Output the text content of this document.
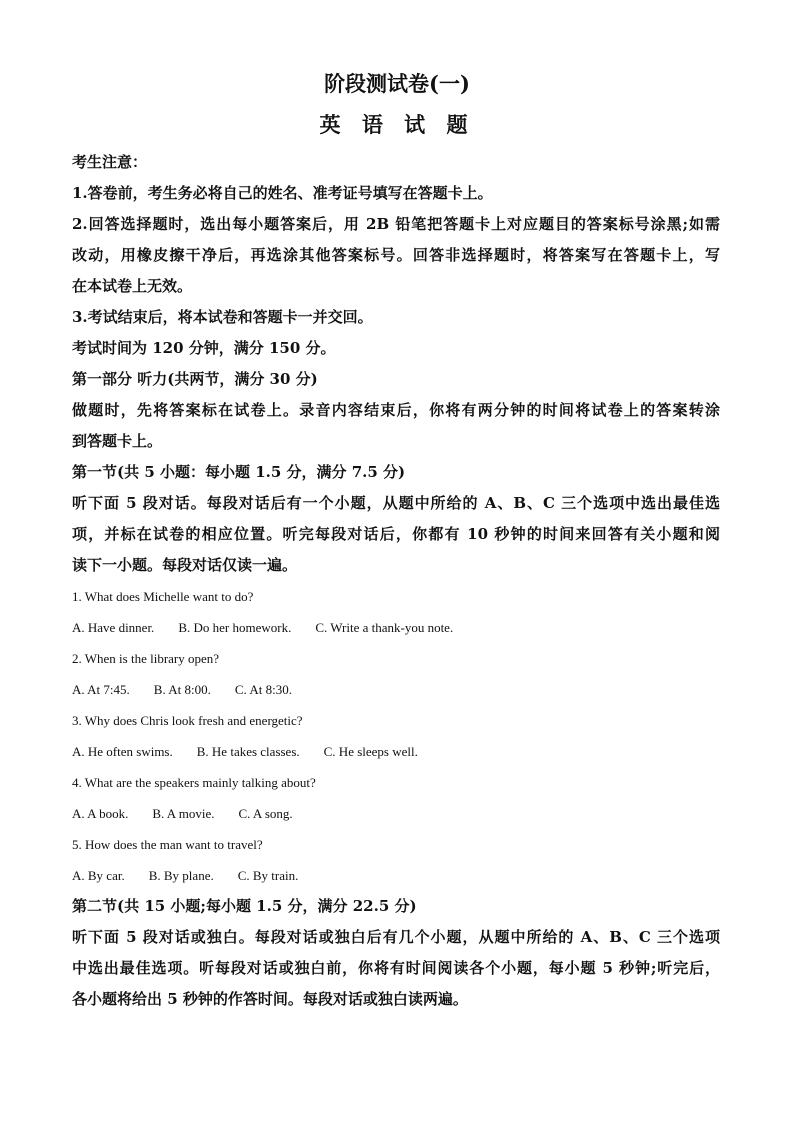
阶段测试卷(一)
英 语 试 题
考生注意：
1.答卷前，考生务必将自己的姓名、准考证号填写在答题卡上。
2.回答选择题时，选出每小题答案后，用 2B 铅笔把答题卡上对应题目的答案标号涂黑;如需
改动，用橡皮擦干净后，再选涂其他答案标号。回答非选择题时，将答案写在答题卡上，写
在本试卷上无效。
3.考试结束后，将本试卷和答题卡一并交回。
考试时间为 120 分钟，满分 150 分。
第一部分 听力(共两节，满分 30 分)
做题时，先将答案标在试卷上。录音内容结束后，你将有两分钟的时间将试卷上的答案转涂
到答题卡上。
第一节(共 5 小题：每小题 1.5 分，满分 7.5 分)
听下面 5 段对话。每段对话后有一个小题，从题中所给的 A、B、C 三个选项中选出最佳选
项，并标在试卷的相应位置。听完每段对话后，你都有 10 秒钟的时间来回答有关小题和阅
读下一小题。每段对话仅读一遍。
1. What does Michelle want to do?
A. Have dinner. B. Do her homework. C. Write a thank-you note.
2. When is the library open?
A. At 7:45. B. At 8:00. C. At 8:30.
3. Why does Chris look fresh and energetic?
A. He often swims. B. He takes classes. C. He sleeps well.
4. What are the speakers mainly talking about?
A. A book. B. A movie. C. A song.
5. How does the man want to travel?
A. By car. B. By plane. C. By train.
第二节(共 15 小题;每小题 1.5 分，满分 22.5 分)
听下面 5 段对话或独白。每段对话或独白后有几个小题，从题中所给的 A、B、C 三个选项
中选出最佳选项。听每段对话或独白前，你将有时间阅读各个小题，每小题 5 秒钟;听完后，
各小题将给出 5 秒钟的作答时间。每段对话或独白读两遍。
